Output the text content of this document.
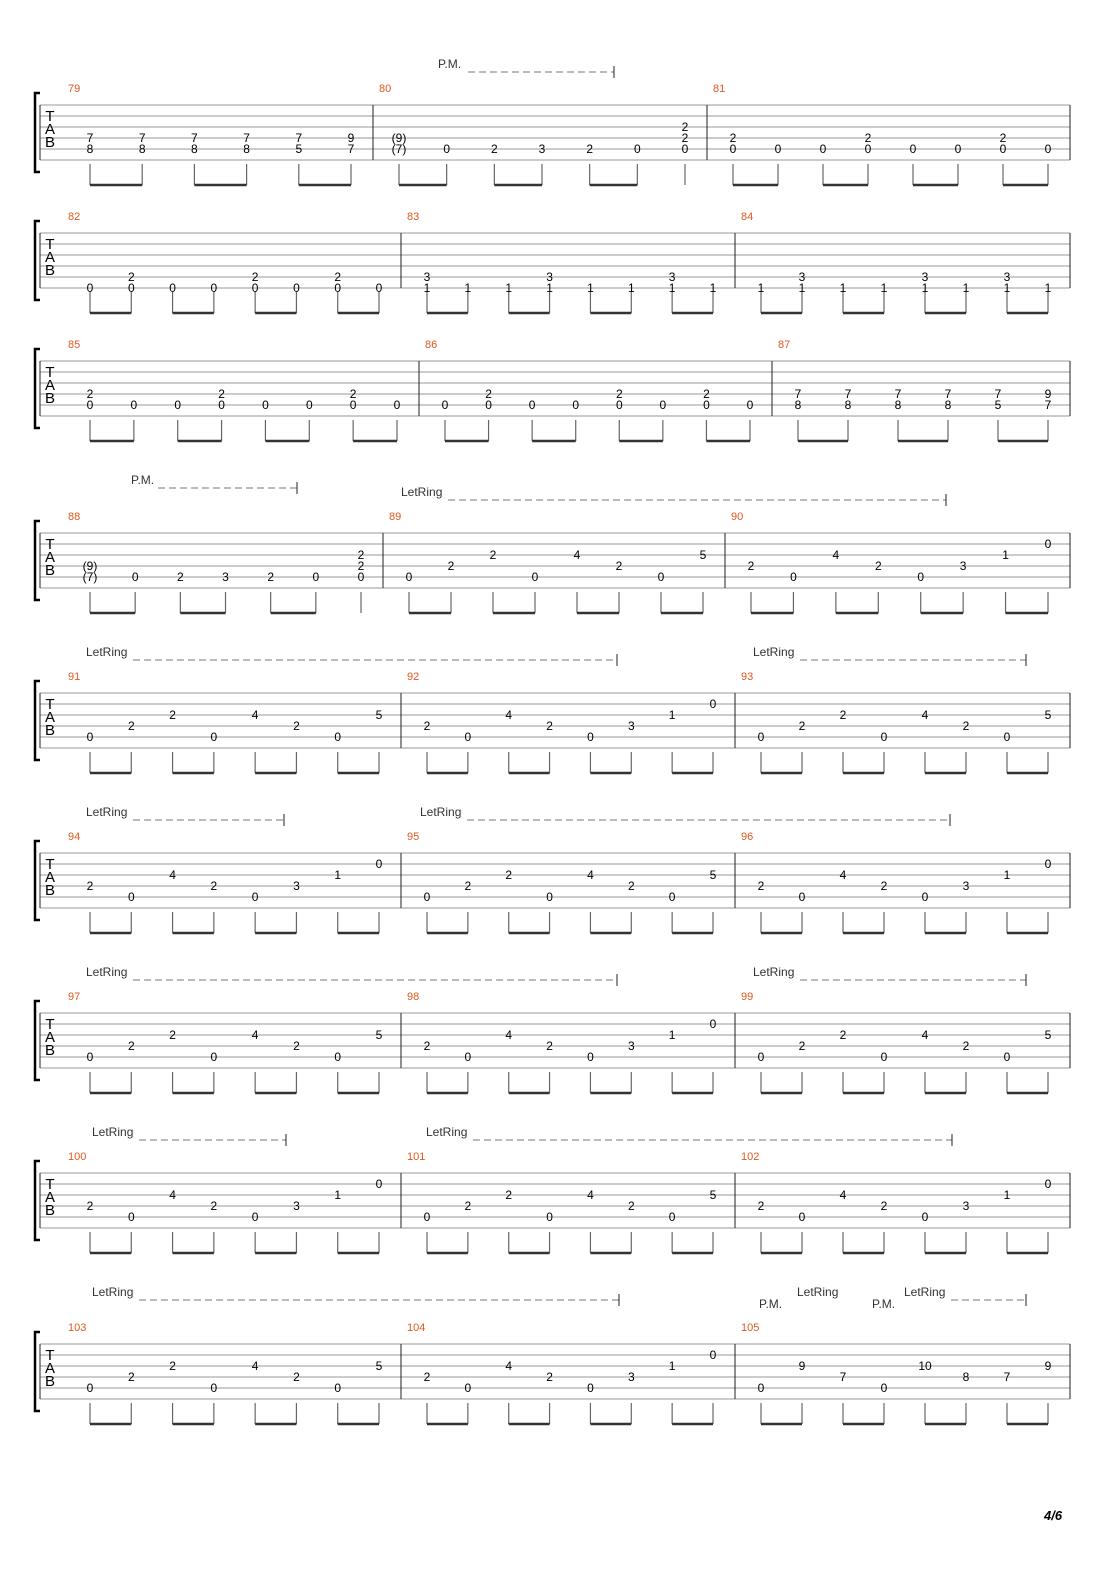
P.M.
P.M.
LetRing
LetRing	LetRing
LetRing	LetRing
LetRing	LetRing
LetRing	LetRing
LetRing	LetRing
P.M.	P.M.
LetRing
T
A
B
79
8
7
8
7
8
7
8
7
5
7
7
9
80
(7)
(9)
0	2	3	2	0	0
2
2
81
0
2
0	0	0
2
0	0	0
2
0
T
A
B
82
0	0
2
0	0	0
2
0	0
2
0
83
1
3
1	1	1
3
1	1	1
3
1
84
1	1
3
1	1	1
3
1	1
3
1
T
A
B
85
0
2
0	0	0
2
0	0	0
2
0
86
0	0
2
0	0	0
2
0	0
2
0
87
8
7
8
7
8
7
8
7
5
7
7
9
T
A
B
88
(7)
(9)
0	2	3	2	0	0
2
2
89
0
2
2
0
4
2
0
5
90
2
0
4
2
0
3
1
0
T
A
B
91
0
2
2
0
4
2
0
5
92
2
0
4
2
0
3
1
0
93
0
2
2
0
4
2
0
5
T
A
B
94
2
0
4
2
0
3
1
0
95
0
2
2
0
4
2
0
5
96
2
0
4
2
0
3
1
0
T
A
B
97
0
2
2
0
4
2
0
5
98
2
0
4
2
0
3
1
0
99
0
2
2
0
4
2
0
5
T
A
B
100
2
0
4
2
0
3
1
0
101
0
2
2
0
4
2
0
5
102
2
0
4
2
0
3
1
0
T
A
B
103
0
2
2
0
4
2
0
5
104
2
0
4
2
0
3
1
0
105
0
9
7
0
10
8	7
9
4/6
